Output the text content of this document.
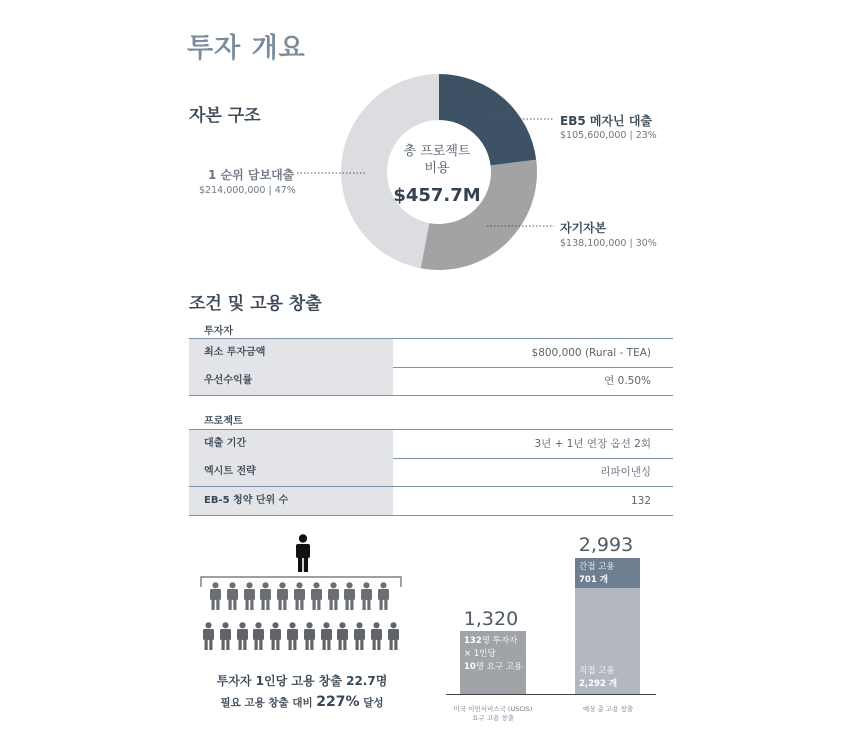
투자 개요
자본 구조
총 프로젝트
비용
$457.7M
EB5 메자닌 대출
$105,600,000 | 23%
자기자본
$138,100,000 | 30%
1 순위 담보대출
$214,000,000 | 47%
조건 및 고용 창출
투자자
최소 투자금액	$800,000 (Rural - TEA)
우선수익률	연 0.50%
프로젝트
대출 기간	3년 + 1년 연장 옵션 2회
엑시트 전략	리파이낸싱
EB-5 청약 단위 수	132
투자자 1인당 고용 창출 22.7명
필요 고용 창출 대비 227% 달성
1,320
132명 투자자
× 1인당
10명 요구 고용
2,993
간접 고용
701 개
직접 고용
2,292 개
미국 이민서비스국 (USCIS) 요구 고용 창출
예상 총 고용 창출
